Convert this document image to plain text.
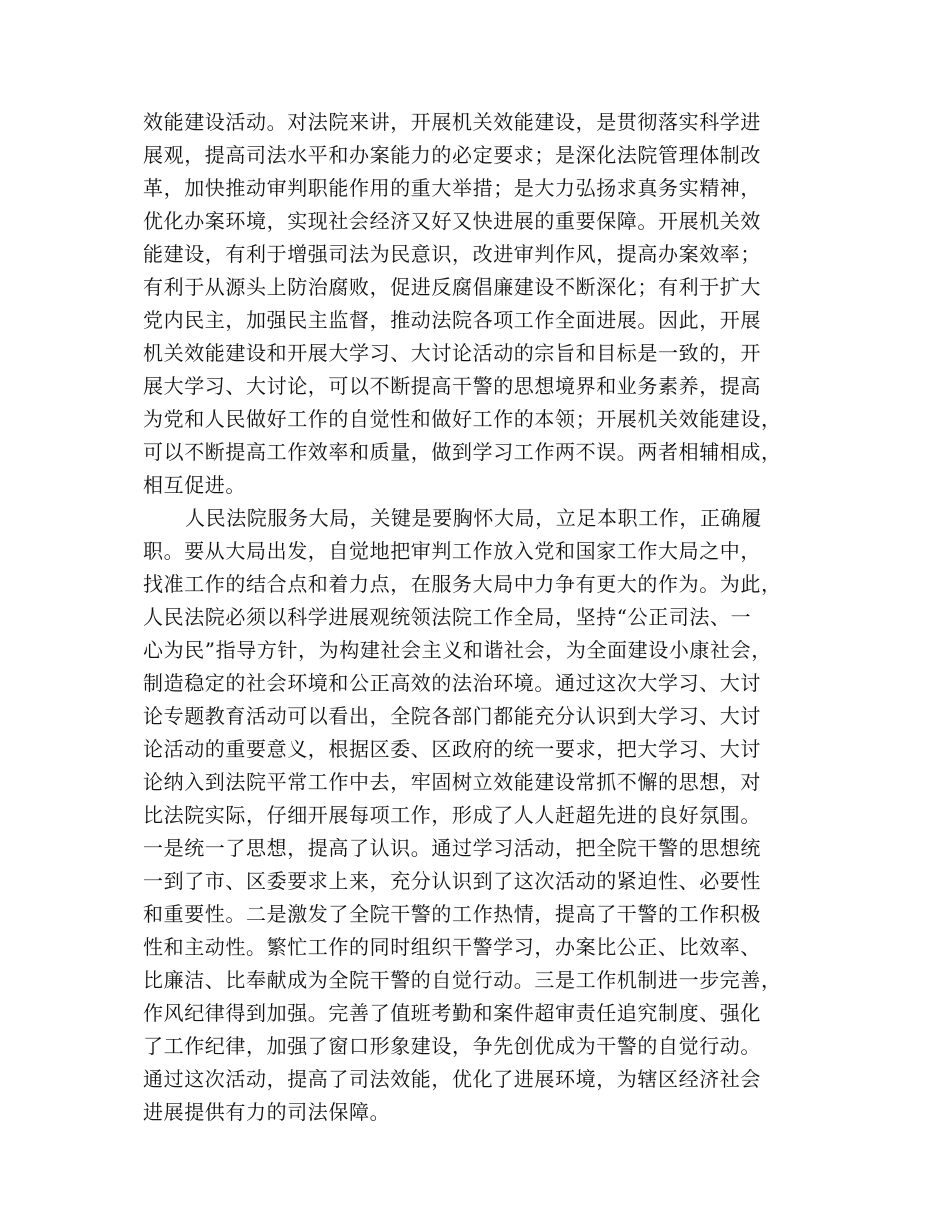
效能建设活动。对法院来讲，开展机关效能建设，是贯彻落实科学进
展观，提高司法水平和办案能力的必定要求；是深化法院管理体制改
革，加快推动审判职能作用的重大举措；是大力弘扬求真务实精神，
优化办案环境，实现社会经济又好又快进展的重要保障。开展机关效
能建设，有利于增强司法为民意识，改进审判作风，提高办案效率；
有利于从源头上防治腐败，促进反腐倡廉建设不断深化；有利于扩大
党内民主，加强民主监督，推动法院各项工作全面进展。因此，开展
机关效能建设和开展大学习、大讨论活动的宗旨和目标是一致的，开
展大学习、大讨论，可以不断提高干警的思想境界和业务素养，提高
为党和人民做好工作的自觉性和做好工作的本领；开展机关效能建设，
可以不断提高工作效率和质量，做到学习工作两不误。两者相辅相成，
相互促进。
人民法院服务大局，关键是要胸怀大局，立足本职工作，正确履
职。要从大局出发，自觉地把审判工作放入党和国家工作大局之中，
找准工作的结合点和着力点，在服务大局中力争有更大的作为。为此，
人民法院必须以科学进展观统领法院工作全局，坚持“公正司法、一
心为民”指导方针，为构建社会主义和谐社会，为全面建设小康社会，
制造稳定的社会环境和公正高效的法治环境。通过这次大学习、大讨
论专题教育活动可以看出，全院各部门都能充分认识到大学习、大讨
论活动的重要意义，根据区委、区政府的统一要求，把大学习、大讨
论纳入到法院平常工作中去，牢固树立效能建设常抓不懈的思想，对
比法院实际，仔细开展每项工作，形成了人人赶超先进的良好氛围。
一是统一了思想，提高了认识。通过学习活动，把全院干警的思想统
一到了市、区委要求上来，充分认识到了这次活动的紧迫性、必要性
和重要性。二是激发了全院干警的工作热情，提高了干警的工作积极
性和主动性。繁忙工作的同时组织干警学习，办案比公正、比效率、
比廉洁、比奉献成为全院干警的自觉行动。三是工作机制进一步完善，
作风纪律得到加强。完善了值班考勤和案件超审责任追究制度、强化
了工作纪律，加强了窗口形象建设，争先创优成为干警的自觉行动。
通过这次活动，提高了司法效能，优化了进展环境，为辖区经济社会
进展提供有力的司法保障。
